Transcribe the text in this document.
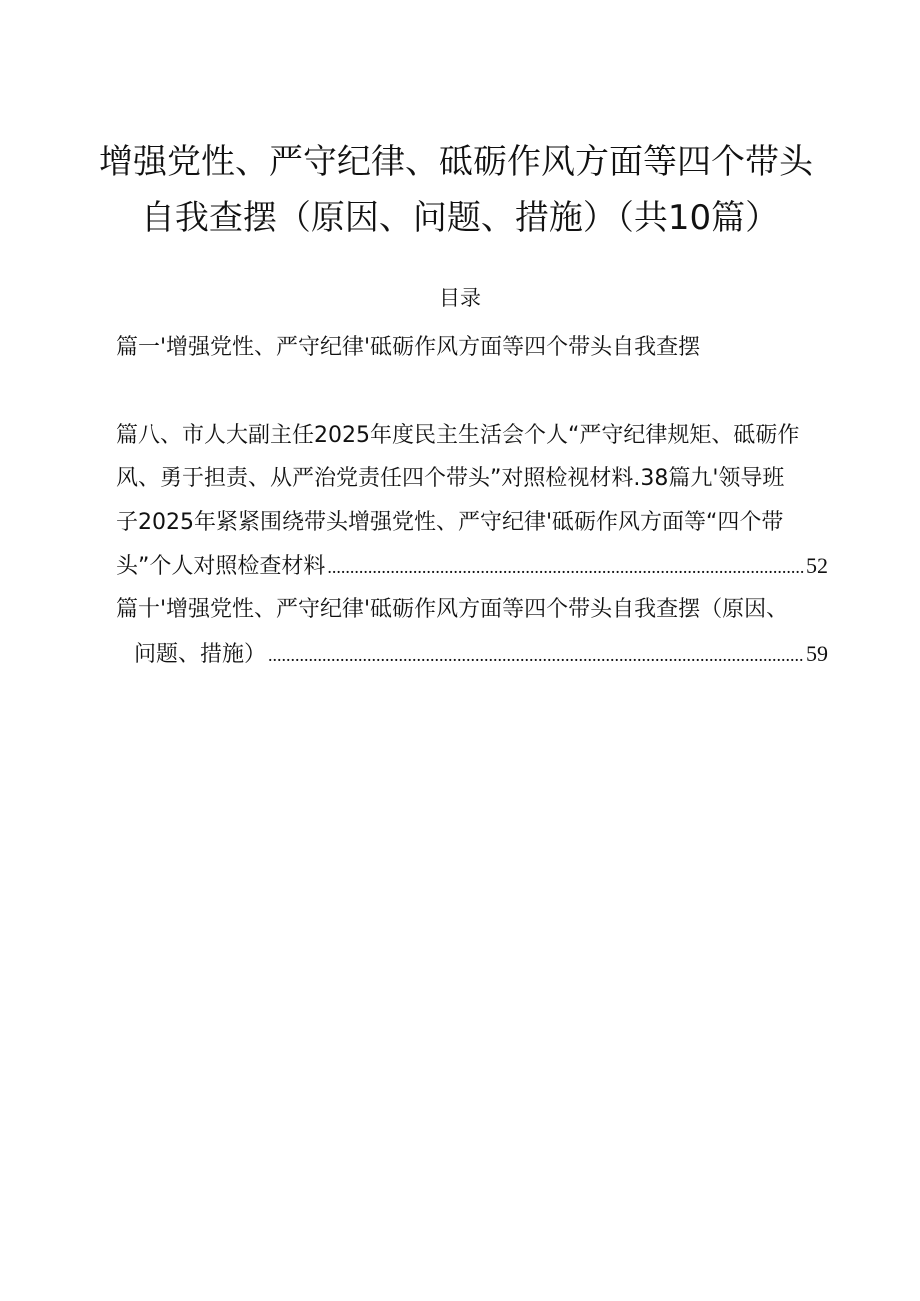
增强党性、严守纪律、砥砺作风方面等四个带头
自我查摆（原因、问题、措施）（共10篇）
目录
篇一'增强党性、严守纪律'砥砺作风方面等四个带头自我查摆
篇八、市人大副主任2025年度民主生活会个人“严守纪律规矩、砥砺作
风、勇于担责、从严治党责任四个带头”对照检视材料.38篇九'领导班
子2025年紧紧围绕带头增强党性、严守纪律'砥砺作风方面等“四个带
头”个人对照检查材料 .....	52
篇十'增强党性、严守纪律'砥砺作风方面等四个带头自我查摆（原因、
问题、措施） .....	59
